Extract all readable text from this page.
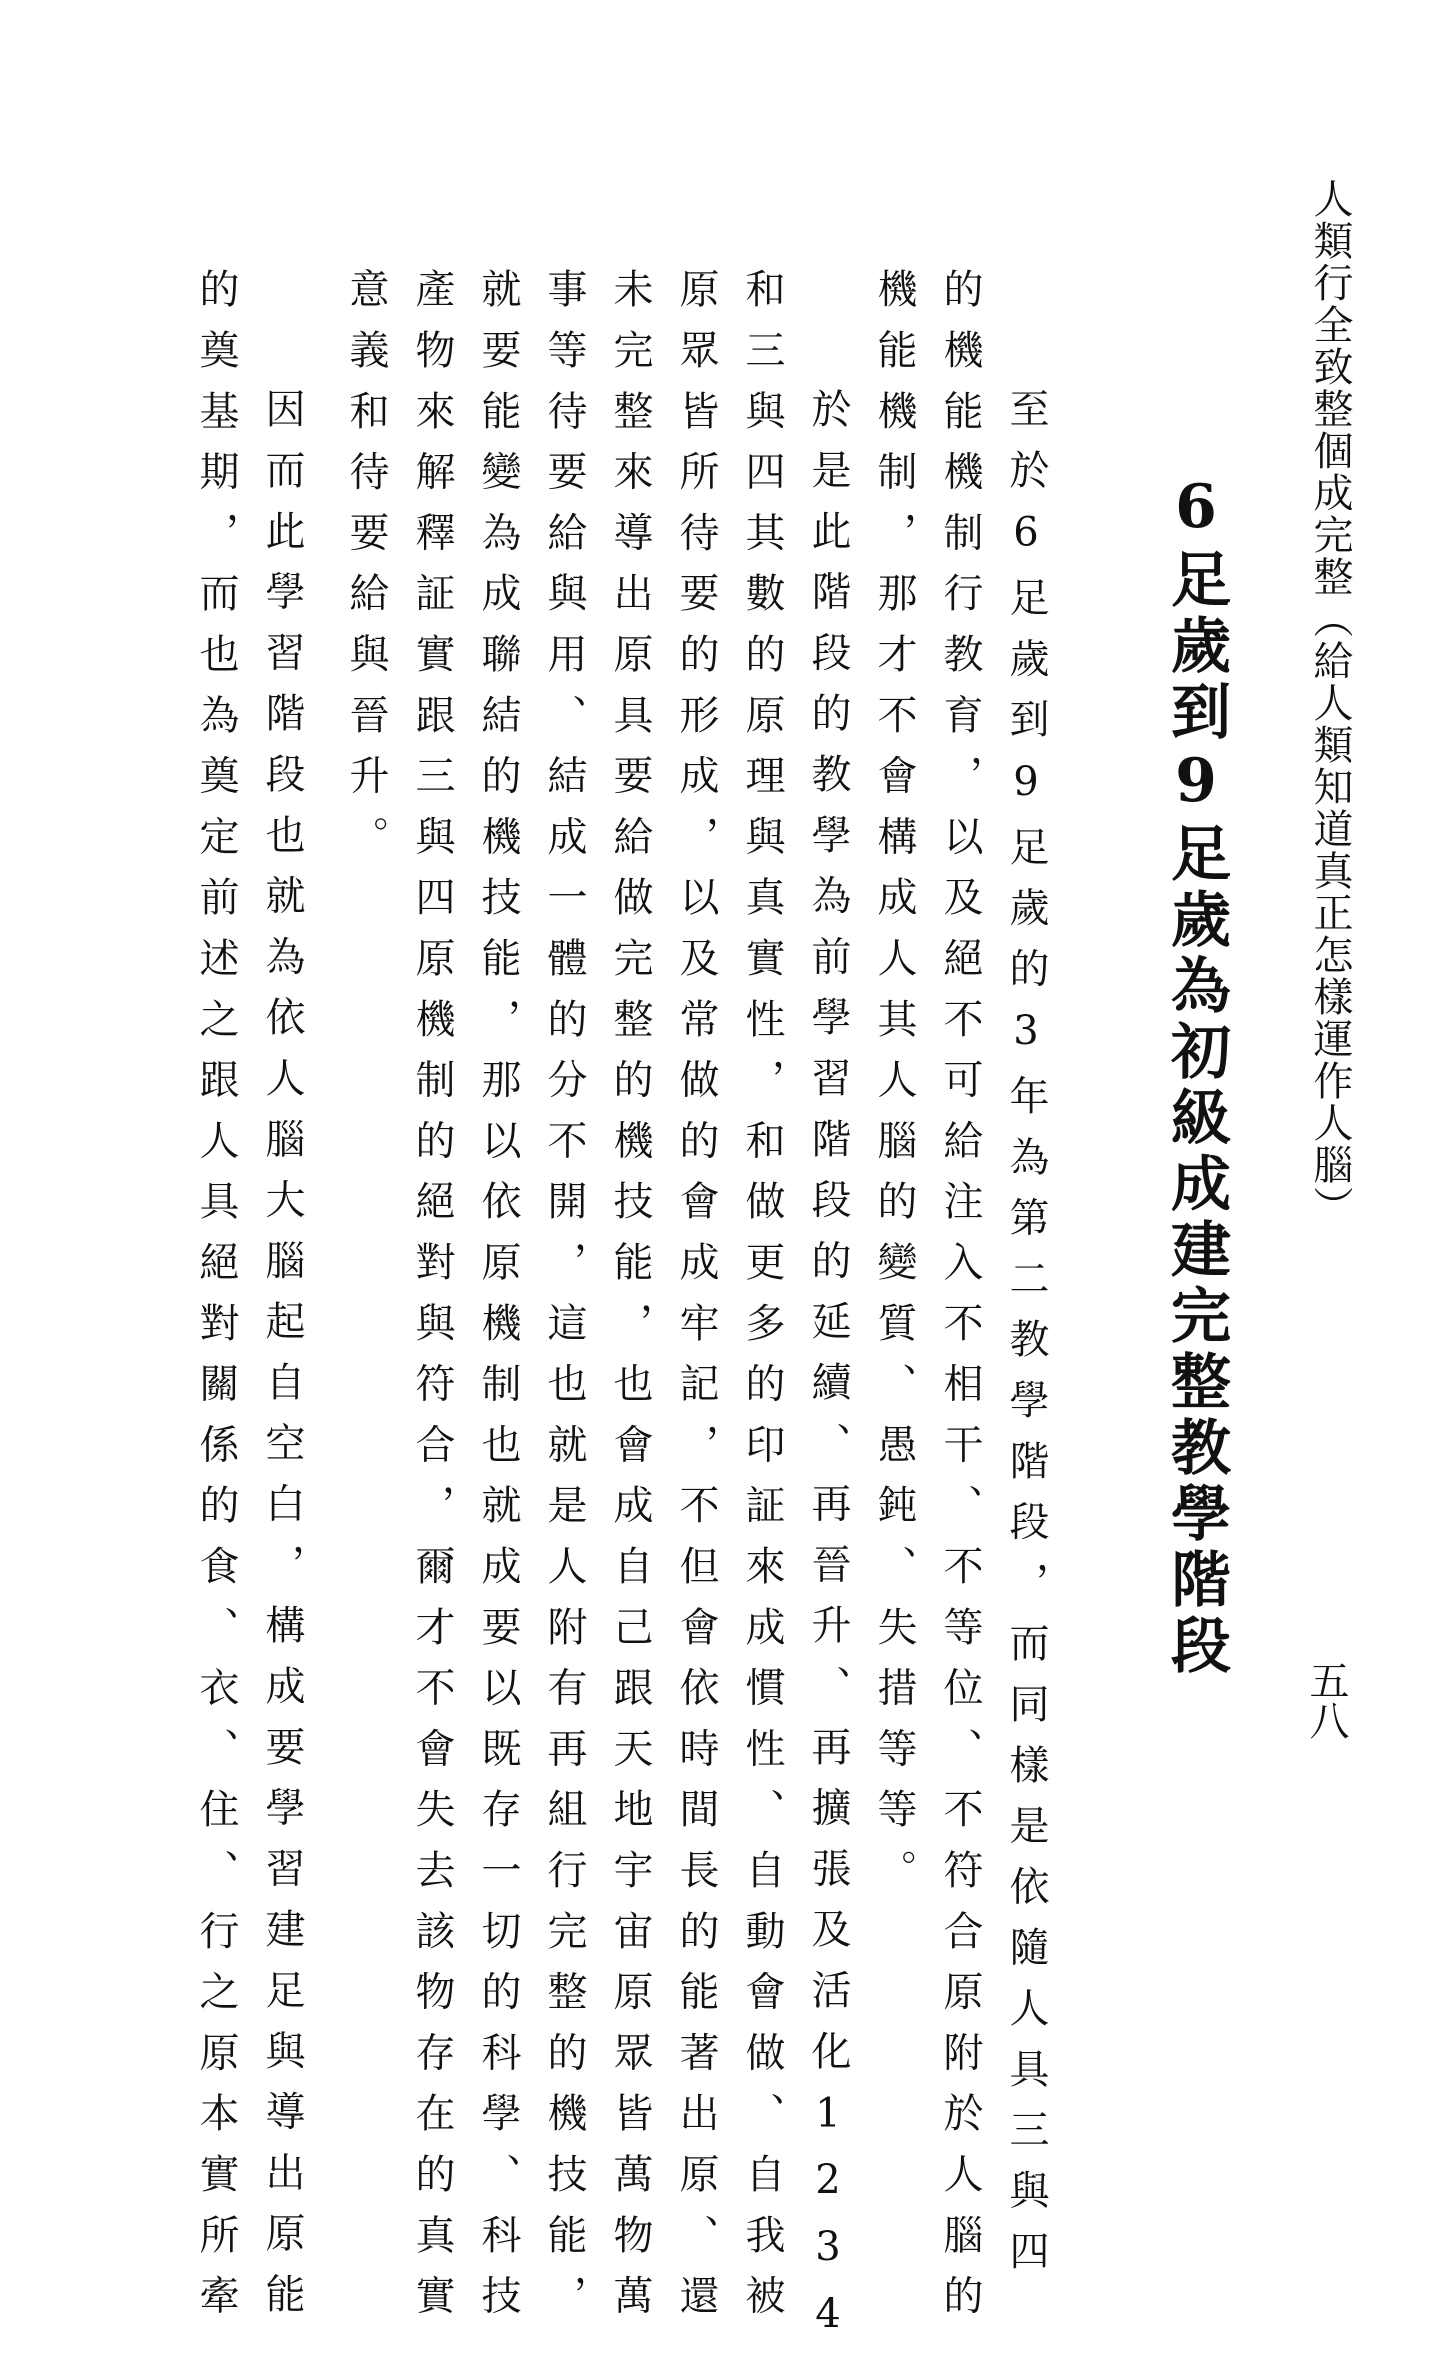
人類行全致整個成完整（給人類知道真正怎樣運作人腦）
五八
6足歲到9足歲為初級成建完整教學階段
至於6足歲到9足歲的3年為第二教學階段，而同樣是依隨人具三與四
的機能機制行教育，以及絕不可給注入不相干、不等位、不符合原附於人腦的
機能機制，那才不會構成人其人腦的變質、愚鈍、失措等等。
於是此階段的教學為前學習階段的延續、再晉升、再擴張及活化1234
和三與四其數的原理與真實性，和做更多的印証來成慣性、自動會做、自我被
原眾皆所待要的形成，以及常做的會成牢記，不但會依時間長的能著出原、還
未完整來導出原具要給做完整的機技能，也會成自己跟天地宇宙原眾皆萬物萬
事等待要給與用、結成一體的分不開，這也就是人附有再組行完整的機技能，
就要能變為成聯結的機技能，那以依原機制也就成要以既存一切的科學、科技
產物來解釋証實跟三與四原機制的絕對與符合，爾才不會失去該物存在的真實
意義和待要給與晉升。
因而此學習階段也就為依人腦大腦起自空白，構成要學習建足與導出原能
的奠基期，而也為奠定前述之跟人具絕對關係的食、衣、住、行之原本實所牽
